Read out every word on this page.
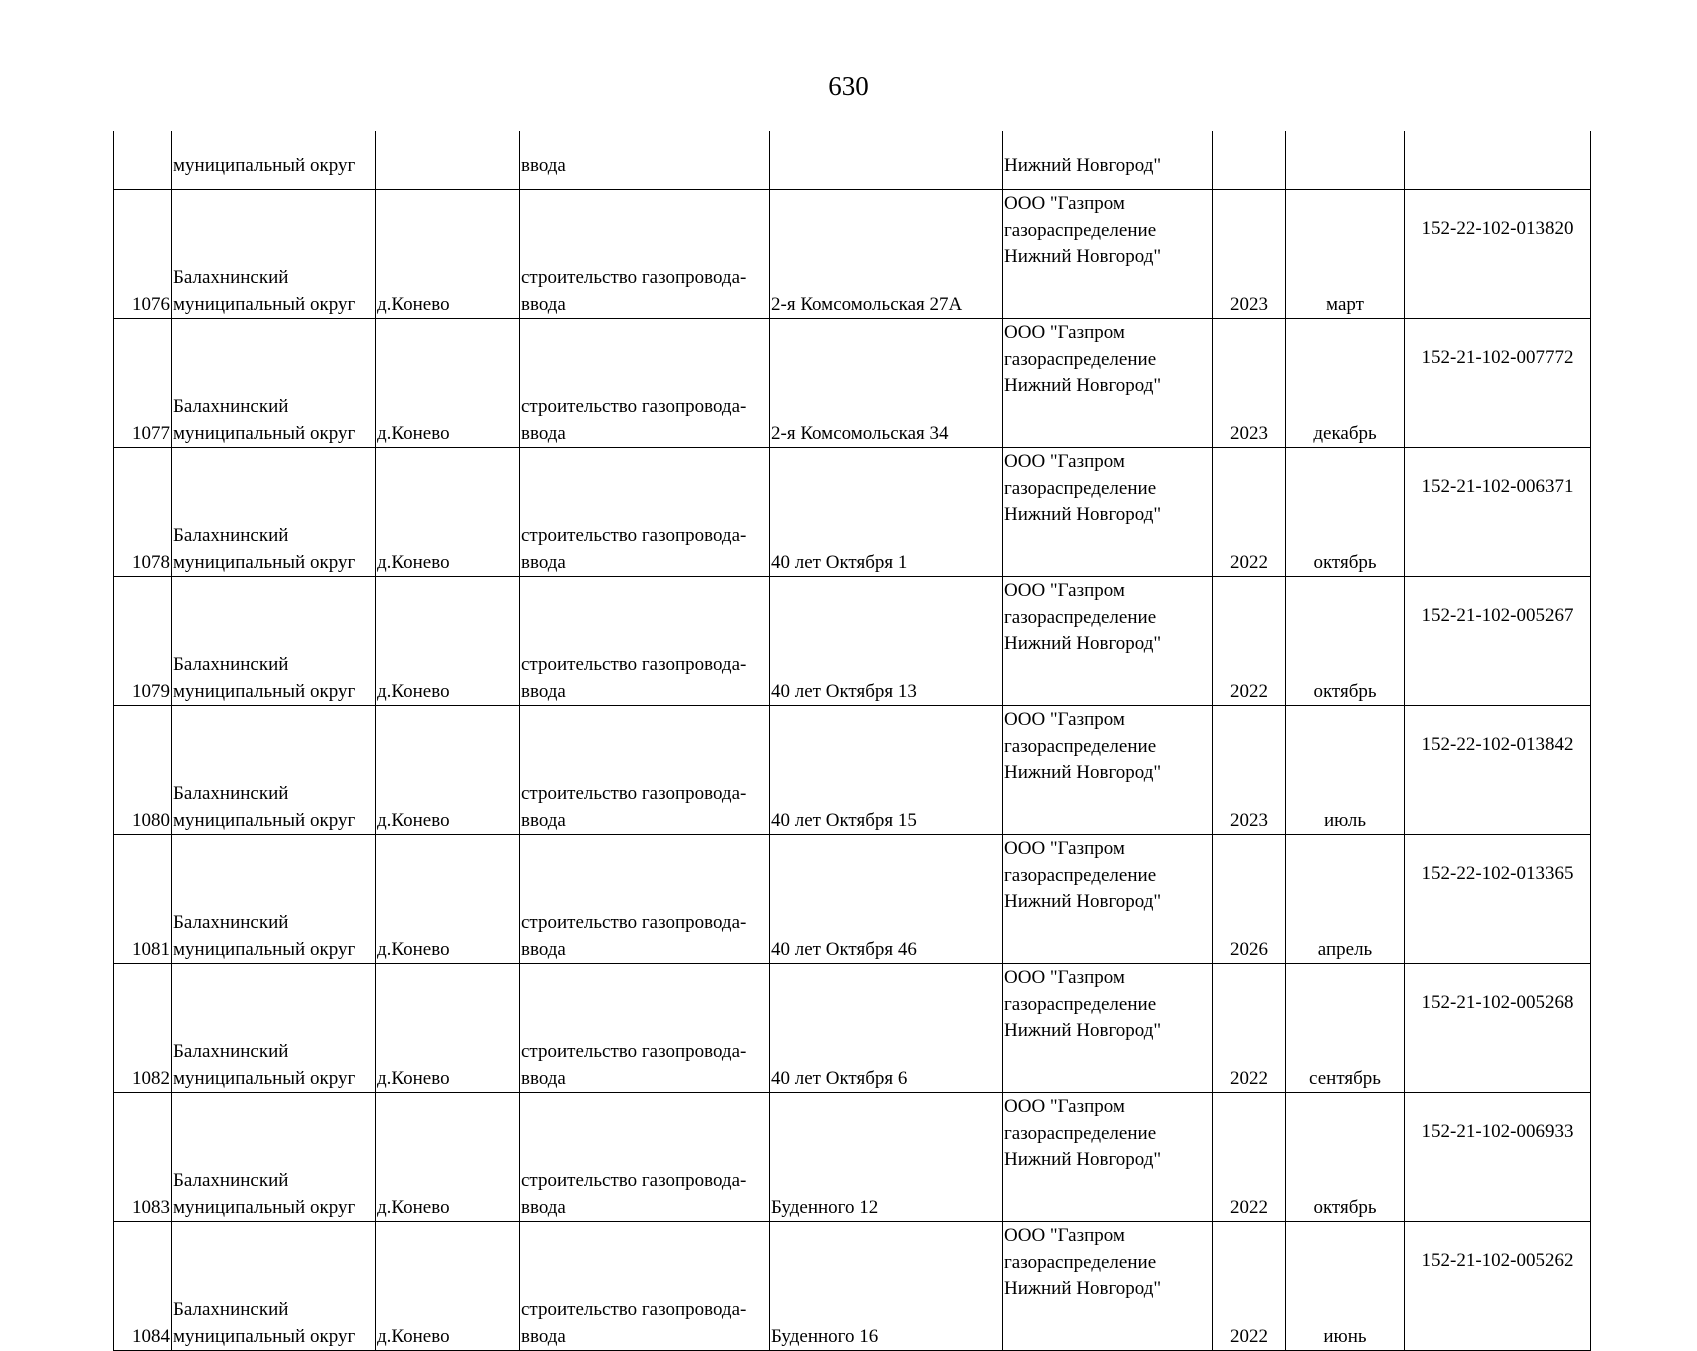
630
	муниципальный округ		ввода		Нижний Новгород"			
1076	Балахнинский
муниципальный округ	д.Конево	строительство газопровода-
ввода	2-я Комсомольская 27А	ООО "Газпром
газораспределение
Нижний Новгород"	2023	март	152-22-102-013820
1077	Балахнинский
муниципальный округ	д.Конево	строительство газопровода-
ввода	2-я Комсомольская 34	ООО "Газпром
газораспределение
Нижний Новгород"	2023	декабрь	152-21-102-007772
1078	Балахнинский
муниципальный округ	д.Конево	строительство газопровода-
ввода	40 лет Октября 1	ООО "Газпром
газораспределение
Нижний Новгород"	2022	октябрь	152-21-102-006371
1079	Балахнинский
муниципальный округ	д.Конево	строительство газопровода-
ввода	40 лет Октября 13	ООО "Газпром
газораспределение
Нижний Новгород"	2022	октябрь	152-21-102-005267
1080	Балахнинский
муниципальный округ	д.Конево	строительство газопровода-
ввода	40 лет Октября 15	ООО "Газпром
газораспределение
Нижний Новгород"	2023	июль	152-22-102-013842
1081	Балахнинский
муниципальный округ	д.Конево	строительство газопровода-
ввода	40 лет Октября 46	ООО "Газпром
газораспределение
Нижний Новгород"	2026	апрель	152-22-102-013365
1082	Балахнинский
муниципальный округ	д.Конево	строительство газопровода-
ввода	40 лет Октября 6	ООО "Газпром
газораспределение
Нижний Новгород"	2022	сентябрь	152-21-102-005268
1083	Балахнинский
муниципальный округ	д.Конево	строительство газопровода-
ввода	Буденного 12	ООО "Газпром
газораспределение
Нижний Новгород"	2022	октябрь	152-21-102-006933
1084	Балахнинский
муниципальный округ	д.Конево	строительство газопровода-
ввода	Буденного 16	ООО "Газпром
газораспределение
Нижний Новгород"	2022	июнь	152-21-102-005262
